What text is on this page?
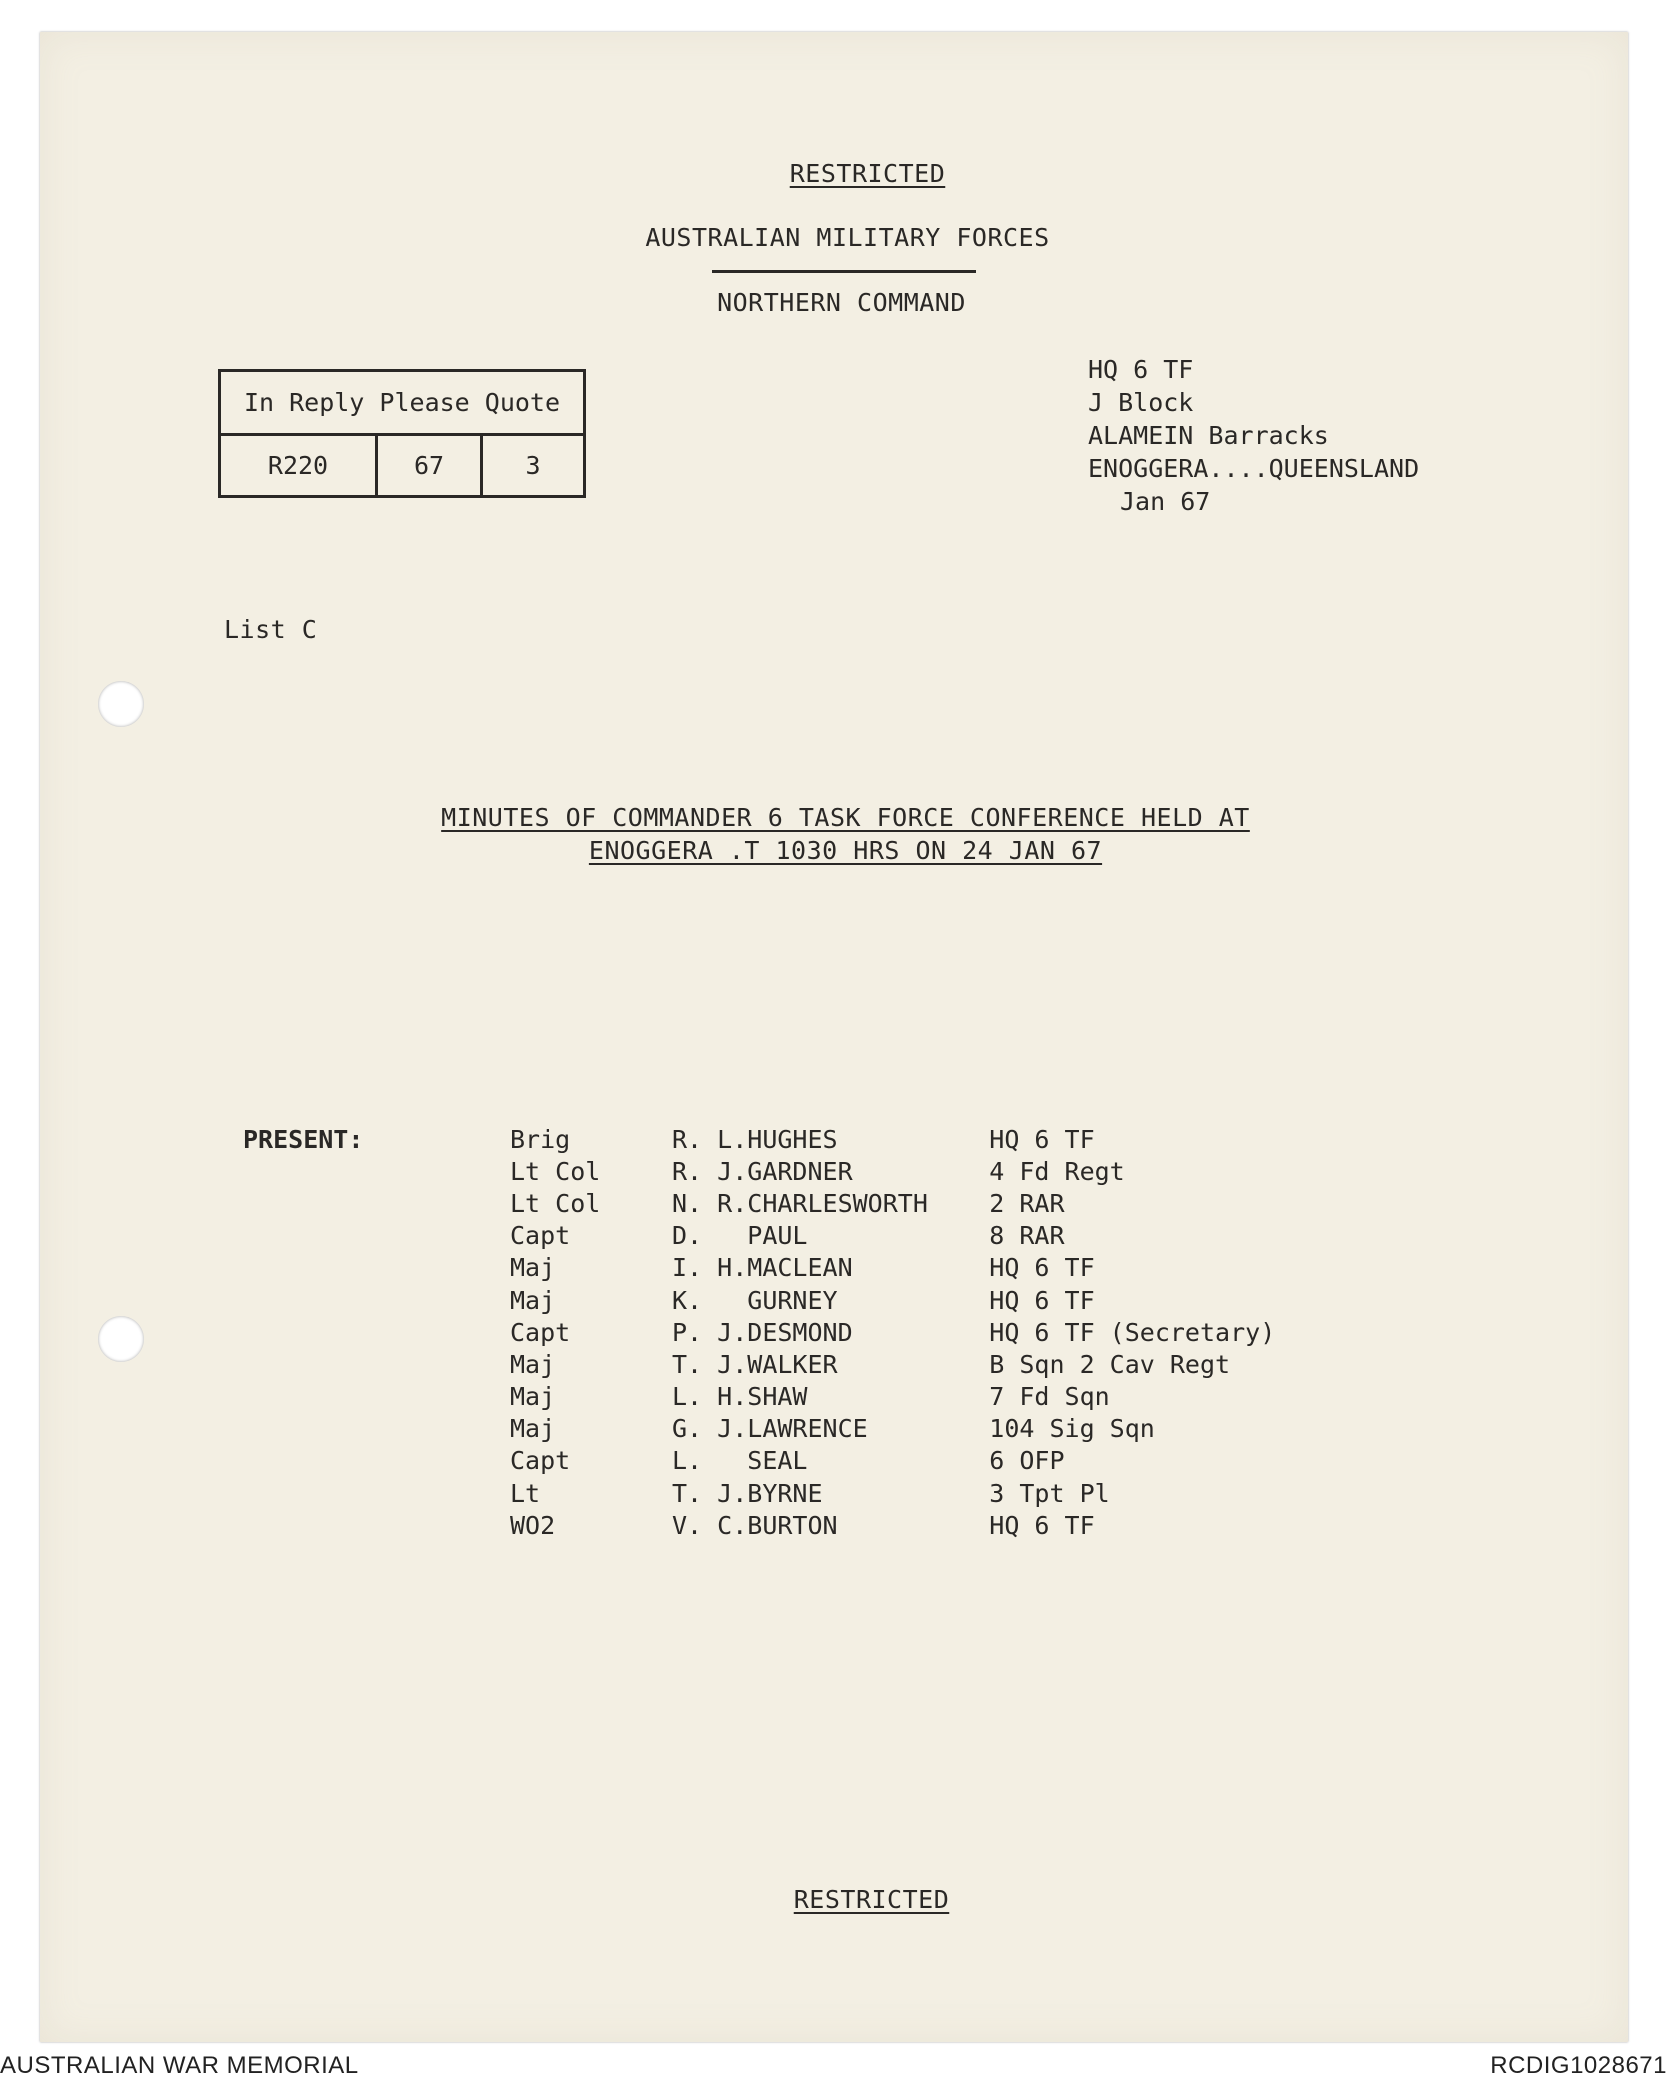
RESTRICTED
AUSTRALIAN MILITARY FORCES
NORTHERN COMMAND
In Reply Please Quote
R220	67	3
HQ 6 TF
J Block
ALAMEIN Barracks
ENOGGERA....QUEENSLAND
Jan 67
List C
MINUTES OF COMMANDER 6 TASK FORCE CONFERENCE HELD AT
ENOGGERA .T 1030 HRS ON 24 JAN 67
PRESENT:	Brig	R. L.	HUGHES	HQ 6 TF
Lt Col	R. J.	GARDNER	4 Fd Regt
Lt Col	N. R.	CHARLESWORTH	2 RAR
Capt	D.	PAUL	8 RAR
Maj	I. H.	MACLEAN	HQ 6 TF
Maj	K.	GURNEY	HQ 6 TF
Capt	P. J.	DESMOND	HQ 6 TF (Secretary)
Maj	T. J.	WALKER	B Sqn 2 Cav Regt
Maj	L. H.	SHAW	7 Fd Sqn
Maj	G. J.	LAWRENCE	104 Sig Sqn
Capt	L.	SEAL	6 OFP
Lt	T. J.	BYRNE	3 Tpt Pl
WO2	V. C.	BURTON	HQ 6 TF
RESTRICTED
AUSTRALIAN WAR MEMORIAL	RCDIG1028671
